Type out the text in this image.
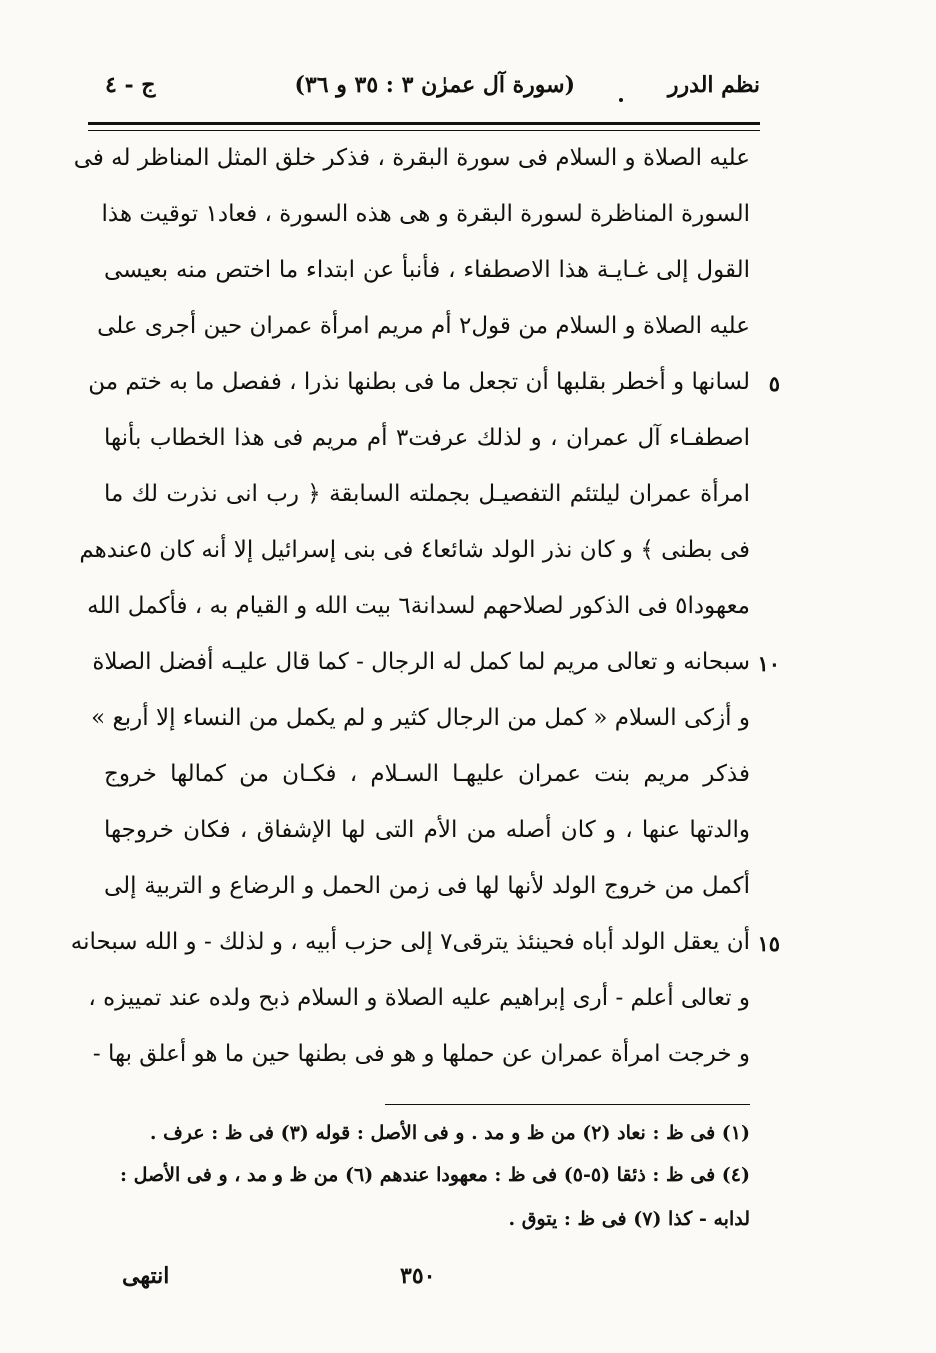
نظم الدرر
(سورة آل عمرٰن ٣ : ٣٥ و ٣٦)
ج - ٤
عليه الصلاة و السلام فى سورة البقرة ، فذكر خلق المثل المناظر له فى
السورة المناظرة لسورة البقرة و هى هذه السورة ، فعاد١ توقيت هذا
القول إلى غـايـة هذا الاصطفاء ، فأنبأ عن ابتداء ما اختص منه بعيسى
عليه الصلاة و السلام من قول٢ أم مريم امرأة عمران حين أجرى على
لسانها و أخطر بقلبها أن تجعل ما فى بطنها نذرا ، ففصل ما به ختم من
اصطفـاء آل عمران ، و لذلك عرفت٣ أم مريم فى هذا الخطاب بأنها
امرأة عمران ليلتئم التفصيـل بجملته السابقة ﴿ رب انى نذرت لك ما
فى بطنى ﴾ و كان نذر الولد شائعا٤ فى بنى إسرائيل إلا أنه كان ٥عندهم
معهودا٥ فى الذكور لصلاحهم لسدانة٦ بيت الله و القيام به ، فأكمل الله
سبحانه و تعالى مريم لما كمل له الرجال - كما قال عليـه أفضل الصلاة
و أزكى السلام « كمل من الرجال كثير و لم يكمل من النساء إلا أربع »
فذكر مريم بنت عمران عليهـا السـلام ، فكـان من كمالها خروج
والدتها عنها ، و كان أصله من الأم التى لها الإشفاق ، فكان خروجها
أكمل من خروج الولد لأنها لها فى زمن الحمل و الرضاع و التربية إلى
أن يعقل الولد أباه فحينئذ يترقى٧ إلى حزب أبيه ، و لذلك - و الله سبحانه
و تعالى أعلم - أرى إبراهيم عليه الصلاة و السلام ذبح ولده عند تمييزه ،
و خرجت امرأة عمران عن حملها و هو فى بطنها حين ما هو أعلق بها -
٥
١٠
١٥
(١) فى ظ : نعاد (٢) من ظ و مد . و فى الأصل : قوله (٣) فى ظ : عرف .
(٤) فى ظ : ذئقا (٥-٥) فى ظ : معهودا عندهم (٦) من ظ و مد ، و فى الأصل :
لدابه - كذا (٧) فى ظ : يتوق .
٣٥٠
انتهى
